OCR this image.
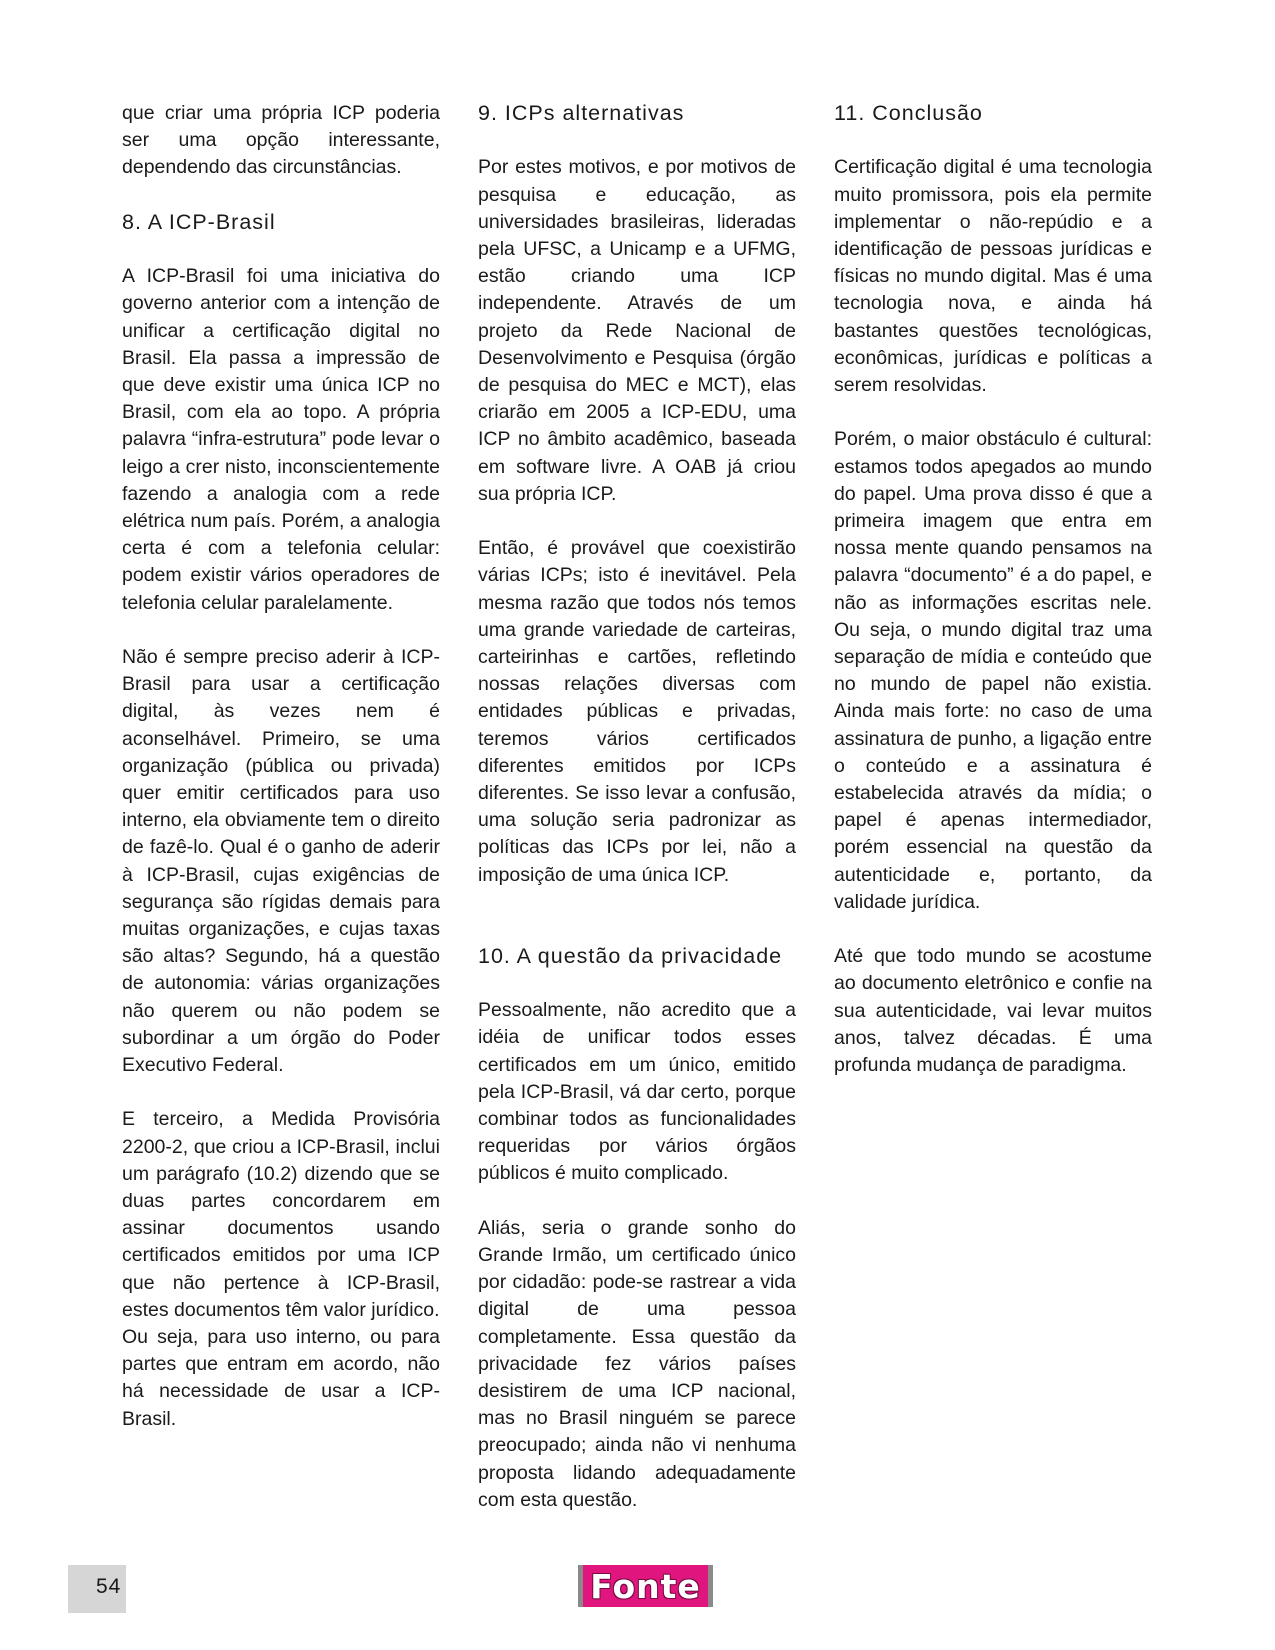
que criar uma própria ICP poderia ser uma opção interessante, dependendo das circunstâncias.

8. A ICP-Brasil

A ICP-Brasil foi uma iniciativa do governo anterior com a intenção de unificar a certificação digital no Brasil. Ela passa a impressão de que deve existir uma única ICP no Brasil, com ela ao topo. A própria palavra “infra-estrutura” pode levar o leigo a crer nisto, inconscientemente fazendo a analogia com a rede elétrica num país. Porém, a analogia certa é com a telefonia celular: podem existir vários operadores de telefonia celular paralelamente.

Não é sempre preciso aderir à ICP-Brasil para usar a certificação digital, às vezes nem é aconselhável. Primeiro, se uma organização (pública ou privada) quer emitir certificados para uso interno, ela obviamente tem o direito de fazê-lo. Qual é o ganho de aderir à ICP-Brasil, cujas exigências de segurança são rígidas demais para muitas organizações, e cujas taxas são altas? Segundo, há a questão de autonomia: várias organizações não querem ou não podem se subordinar a um órgão do Poder Executivo Federal.

E terceiro, a Medida Provisória 2200-2, que criou a ICP-Brasil, inclui um parágrafo (10.2) dizendo que se duas partes concordarem em assinar documentos usando certificados emitidos por uma ICP que não pertence à ICP-Brasil, estes documentos têm valor jurídico.

Ou seja, para uso interno, ou para partes que entram em acordo, não há necessidade de usar a ICP-Brasil.

9. ICPs alternativas

Por estes motivos, e por motivos de pesquisa e educação, as universidades brasileiras, lideradas pela UFSC, a Unicamp e a UFMG, estão criando uma ICP independente. Através de um projeto da Rede Nacional de Desenvolvimento e Pesquisa (órgão de pesquisa do MEC e MCT), elas criarão em 2005 a ICP-EDU, uma ICP no âmbito acadêmico, baseada em software livre. A OAB já criou sua própria ICP.

Então, é provável que coexistirão várias ICPs; isto é inevitável. Pela mesma razão que todos nós temos uma grande variedade de carteiras, carteirinhas e cartões, refletindo nossas relações diversas com entidades públicas e privadas, teremos vários certificados diferentes emitidos por ICPs diferentes. Se isso levar a confusão, uma solução seria padronizar as políticas das ICPs por lei, não a imposição de uma única ICP.

10. A questão da privacidade

Pessoalmente, não acredito que a idéia de unificar todos esses certificados em um único, emitido pela ICP-Brasil, vá dar certo, porque combinar todos as funcionalidades requeridas por vários órgãos públicos é muito complicado.

Aliás, seria o grande sonho do Grande Irmão, um certificado único por cidadão: pode-se rastrear a vida digital de uma pessoa completamente. Essa questão da privacidade fez vários países desistirem de uma ICP nacional, mas no Brasil ninguém se parece preocupado; ainda não vi nenhuma proposta lidando adequadamente com esta questão.

11. Conclusão

Certificação digital é uma tecnologia muito promissora, pois ela permite implementar o não-repúdio e a identificação de pessoas jurídicas e físicas no mundo digital. Mas é uma tecnologia nova, e ainda há bastantes questões tecnológicas, econômicas, jurídicas e políticas a serem resolvidas.

Porém, o maior obstáculo é cultural: estamos todos apegados ao mundo do papel. Uma prova disso é que a primeira imagem que entra em nossa mente quando pensamos na palavra “documento” é a do papel, e não as informações escritas nele. Ou seja, o mundo digital traz uma separação de mídia e conteúdo que no mundo de papel não existia. Ainda mais forte: no caso de uma assinatura de punho, a ligação entre o conteúdo e a assinatura é estabelecida através da mídia; o papel é apenas intermediador, porém essencial na questão da autenticidade e, portanto, da validade jurídica.

Até que todo mundo se acostume ao documento eletrônico e confie na sua autenticidade, vai levar muitos anos, talvez décadas. É uma profunda mudança de paradigma.

54	Fonte
